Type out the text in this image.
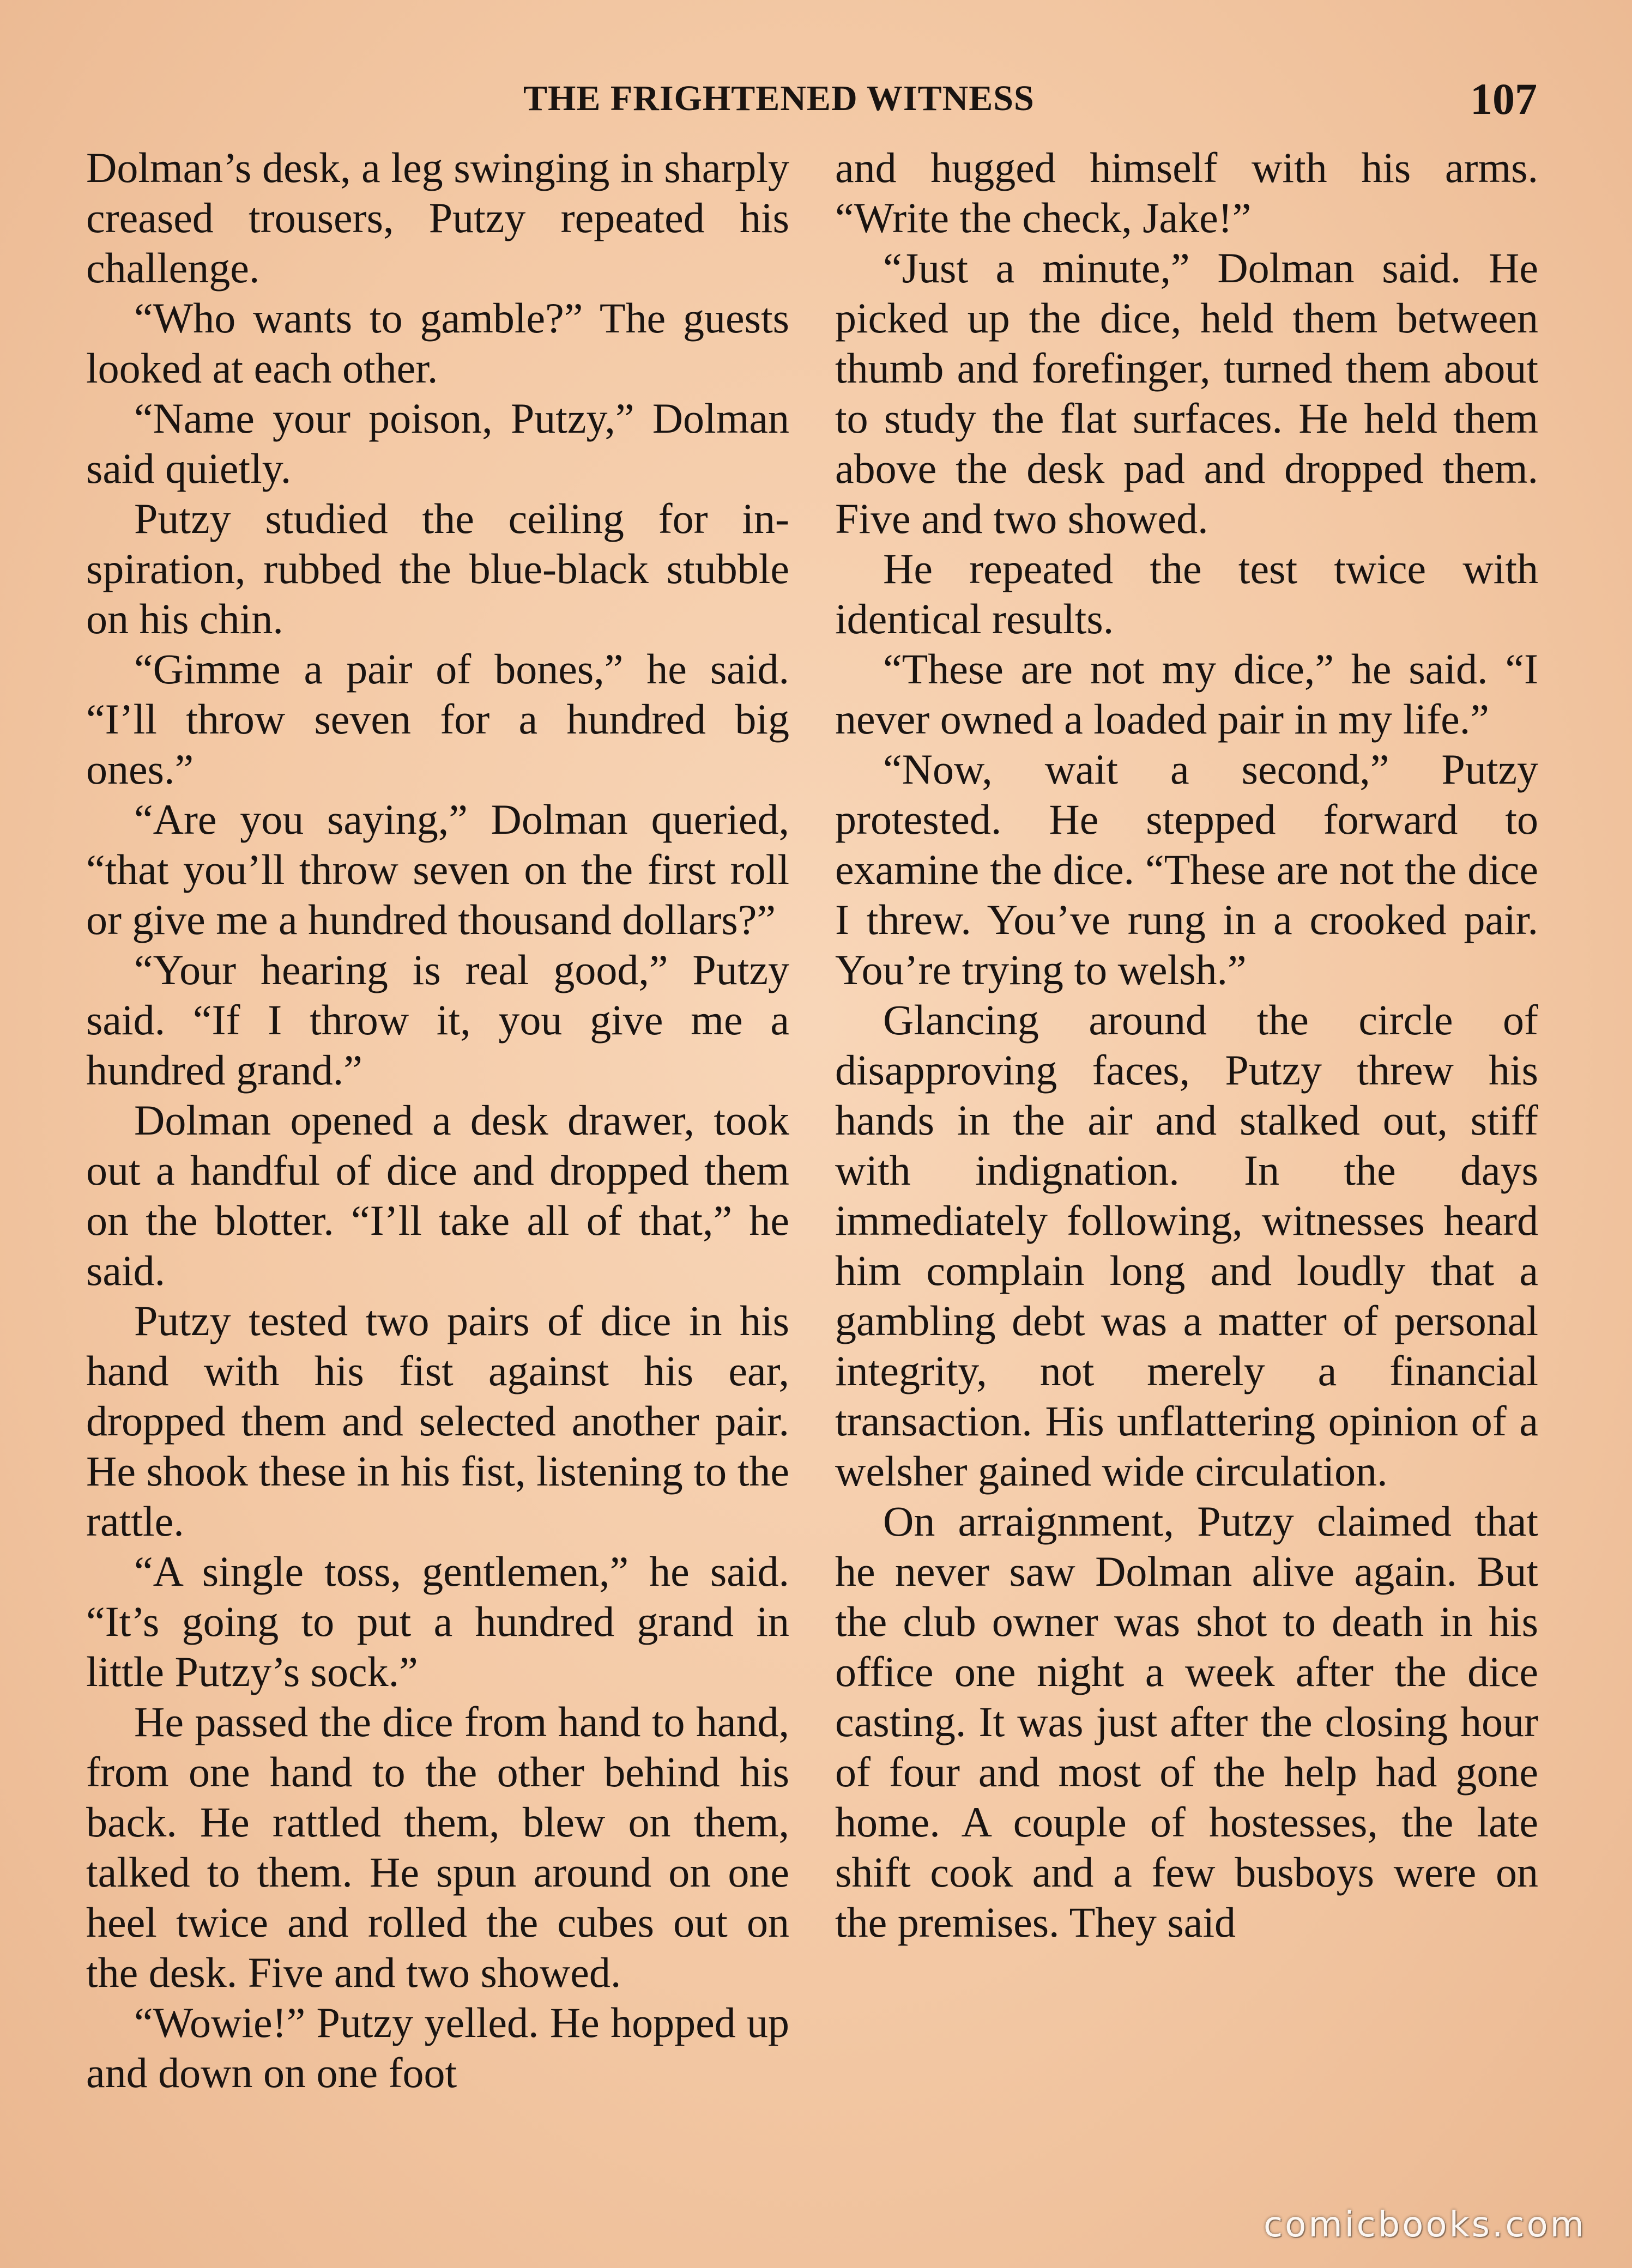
THE FRIGHTENED WITNESS	107

Dolman’s desk, a leg swinging in sharply creased trousers, Putzy repeated his challenge.

“Who wants to gamble?” The guests looked at each other.

“Name your poison, Putzy,” Dolman said quietly.

Putzy studied the ceiling for inspiration, rubbed the blue-black stubble on his chin.

“Gimme a pair of bones,” he said. “I’ll throw seven for a hundred big ones.”

“Are you saying,” Dolman queried, “that you’ll throw seven on the first roll or give me a hundred thousand dollars?”

“Your hearing is real good,” Putzy said. “If I throw it, you give me a hundred grand.”

Dolman opened a desk drawer, took out a handful of dice and dropped them on the blotter. “I’ll take all of that,” he said.

Putzy tested two pairs of dice in his hand with his fist against his ear, dropped them and selected another pair. He shook these in his fist, listening to the rattle.

“A single toss, gentlemen,” he said. “It’s going to put a hundred grand in little Putzy’s sock.”

He passed the dice from hand to hand, from one hand to the other behind his back. He rattled them, blew on them, talked to them. He spun around on one heel twice and rolled the cubes out on the desk. Five and two showed.

“Wowie!” Putzy yelled. He hopped up and down on one foot

and hugged himself with his arms. “Write the check, Jake!”

“Just a minute,” Dolman said. He picked up the dice, held them between thumb and forefinger, turned them about to study the flat surfaces. He held them above the desk pad and dropped them. Five and two showed.

He repeated the test twice with identical results.

“These are not my dice,” he said. “I never owned a loaded pair in my life.”

“Now, wait a second,” Putzy protested. He stepped forward to examine the dice. “These are not the dice I threw. You’ve rung in a crooked pair. You’re trying to welsh.”

Glancing around the circle of disapproving faces, Putzy threw his hands in the air and stalked out, stiff with indignation. In the days immediately following, witnesses heard him complain long and loudly that a gambling debt was a matter of personal integrity, not merely a financial transaction. His unflattering opinion of a welsher gained wide circulation.

On arraignment, Putzy claimed that he never saw Dolman alive again. But the club owner was shot to death in his office one night a week after the dice casting. It was just after the closing hour of four and most of the help had gone home. A couple of hostesses, the late shift cook and a few busboys were on the premises. They said

comicbooks.com
